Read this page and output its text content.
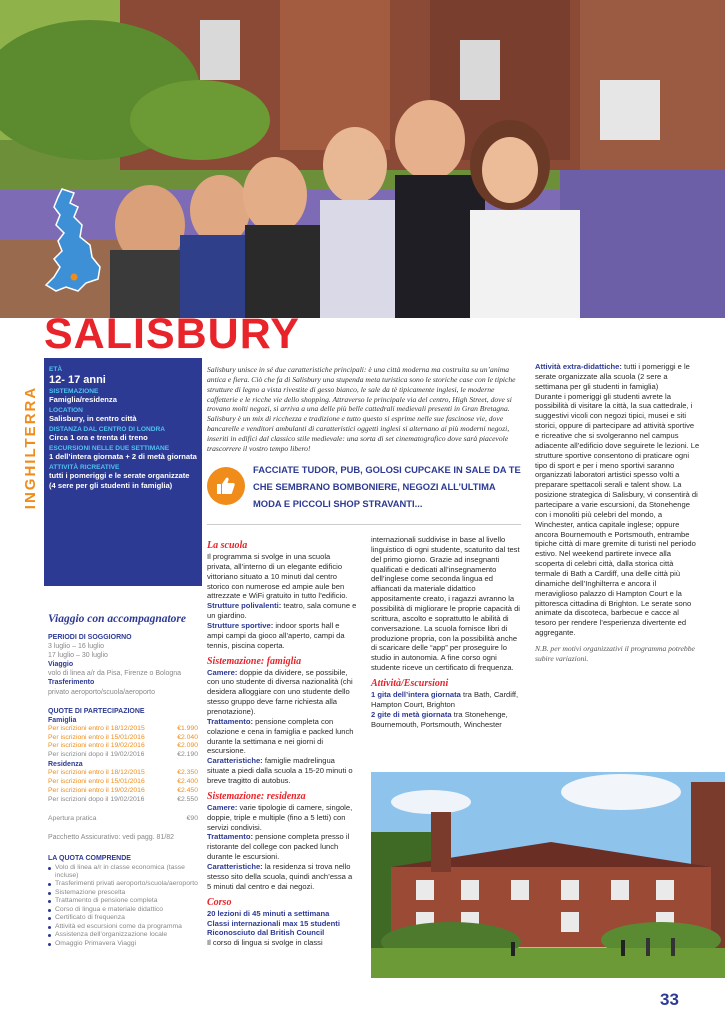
SALISBURY
INGHILTERRA
ETÀ
12- 17 anni
SISTEMAZIONE
Famiglia/residenza
LOCATION
Salisbury, in centro città
DISTANZA DAL CENTRO DI LONDRA
Circa 1 ora e trenta di treno
ESCURSIONI NELLE DUE SETTIMANE
1 dell’intera giornata + 2 di metà giornata
ATTIVITÀ RICREATIVE
tutti i pomeriggi e le serate organizzate
(4 sere per gli studenti in famiglia)
Viaggio con accompagnatore
PERIODI DI SOGGIORNO
3 luglio – 16 luglio
17 luglio – 30 luglio
Viaggio
volo di linea a/r da Pisa, Firenze o Bologna
Trasferimento
privato aeroporto/scuola/aeroporto
QUOTE DI PARTECIPAZIONE
Famiglia
Per iscrizioni entro il 18/12/2015	€1.990
Per iscrizioni entro il 15/01/2016	€2.040
Per iscrizioni entro il 19/02/2016	€2.090
Per iscrizioni dopo il 19/02/2016	€2.190
Residenza
Per iscrizioni entro il 18/12/2015	€2.350
Per iscrizioni entro il 15/01/2016	€2.400
Per iscrizioni entro il 19/02/2016	€2.450
Per iscrizioni dopo il 19/02/2016	€2.550
Apertura pratica	€90
Pacchetto Assicurativo: vedi pagg. 81/82
LA QUOTA COMPRENDE
Volo di linea a/r in classe economica (tasse incluse)
Trasferimenti privati aeroporto/scuola/aeroporto
Sistemazione prescelta
Trattamento di pensione completa
Corso di lingua e materiale didattico
Certificato di frequenza
Attività ed escursioni come da programma
Assistenza dell’organizzazione locale
Omaggio Primavera Viaggi
Salisbury unisce in sé due caratteristiche principali: è una città moderna ma costruita su un’anima antica e fiera. Ciò che fa di Salisbury una stupenda meta turistica sono le storiche case con le tipiche strutture di legno a vista rivestite di gesso bianco, le sale da tè tipicamente inglesi, le moderne caffetterie e le ricche vie dello shopping. Attraverso le principale via del centro, High Street, dove si trovano molti negozi, si arriva a una delle più belle cattedrali medievali presenti in Gran Bretagna. Salisbury è un mix di ricchezza e tradizione e tutto questo si esprime nelle sue fascinose vie, dove bancarelle e venditori ambulanti di caratteristici oggetti inglesi si alternano ai più moderni negozi, inseriti in edifici dal classico stile medievale: una sorta di set cinematografico dove sarà piacevole trascorrere il vostro tempo libero!
FACCIATE TUDOR, PUB, GOLOSI CUPCAKE IN SALE DA TE CHE SEMBRANO BOMBONIERE, NEGOZI ALL’ULTIMA MODA E PICCOLI SHOP STRAVANTI...
La scuola
Il programma si svolge in una scuola privata, all’interno di un elegante edificio vittoriano situato a 10 minuti dal centro storico con numerose ed ampie aule ben attrezzate e WiFi gratuito in tutto l’edificio.
Strutture polivalenti: teatro, sala comune e un giardino.
Strutture sportive: indoor sports hall e ampi campi da gioco all’aperto, campi da tennis, piscina coperta.
Sistemazione: famiglia
Camere: doppie da dividere, se possibile, con uno studente di diversa nazionalità (chi desidera alloggiare con uno studente dello stesso gruppo deve farne richiesta alla prenotazione).
Trattamento: pensione completa con colazione e cena in famiglia e packed lunch durante la settimana e nei giorni di escursione.
Caratteristiche: famiglie madrelingua situate a piedi dalla scuola a 15-20 minuti o breve tragitto di autobus.
Sistemazione: residenza
Camere: varie tipologie di camere, singole, doppie, triple e multiple (fino a 5 letti) con servizi condivisi.
Trattamento: pensione completa presso il ristorante del college con packed lunch durante le escursioni.
Caratteristiche: la residenza si trova nello stesso sito della scuola, quindi anch’essa a 5 minuti dal centro e dai negozi.
Corso
20 lezioni di 45 minuti a settimana
Classi internazionali max 15 studenti
Riconosciuto dal British Council
Il corso di lingua si svolge in classi
internazionali suddivise in base al livello linguistico di ogni studente, scaturito dal test del primo giorno. Grazie ad insegnanti qualificati e dedicati all’insegnamento dell’inglese come seconda lingua ed affiancati da materiale didattico appositamente creato, i ragazzi avranno la possibilità di migliorare le proprie capacità di scrittura, ascolto e soprattutto le abilità di conversazione. La scuola fornisce libri di produzione propria, con la possibilità anche di scaricare delle “app” per proseguire lo studio in autonomia. A fine corso ogni studente riceve un certificato di frequenza.
Attività/Escursioni
1 gita dell’intera giornata tra Bath, Cardiff, Hampton Court, Brighton
2 gite di metà giornata tra Stonehenge, Bournemouth, Portsmouth, Winchester
Attività extra-didattiche: tutti i pomeriggi e le serate organizzate alla scuola (2 sere a settimana per gli studenti in famiglia)
Durante i pomeriggi gli studenti avrete la possibilità di visitare la città, la sua cattedrale, i suggestivi vicoli con negozi tipici, musei e siti storici, oppure di partecipare ad attività sportive e ricreative che si svolgeranno nel campus adiacente all’edificio dove seguirete le lezioni. Le strutture sportive consentono di praticare ogni tipo di sport e per i meno sportivi saranno organizzati laboratori artistici spesso volti a preparare spettacoli serali e talent show. La posizione strategica di Salisbury, vi consentirà di partecipare a varie escursioni, da Stonehenge con i monoliti più celebri del mondo, a Winchester, antica capitale inglese; oppure ancora Bournemouth e Portsmouth, entrambe tipiche città di mare gremite di turisti nel periodo estivo. Nel weekend partirete invece alla scoperta di celebri città, dalla storica città termale di Bath a Cardiff, una delle città più dinamiche dell’Inghilterra e ancora il meraviglioso palazzo di Hampton Court e la pittoresca cittadina di Brighton. Le serate sono animate da discoteca, barbecue e cacce al tesoro per rendere l’esperienza divertente ed aggregante.
N.B. per motivi organizzativi il programma potrebbe subire variazioni.
33
